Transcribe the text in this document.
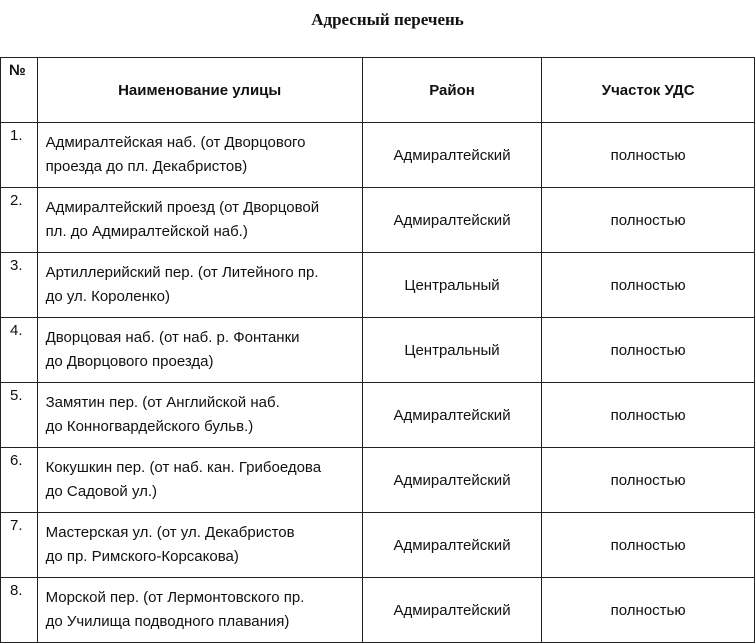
Адресный перечень
№	Наименование улицы	Район	Участок УДС
1.	Адмиралтейская наб. (от Дворцового
проезда до пл. Декабристов)	Адмиралтейский	полностью
2.	Адмиралтейский проезд (от Дворцовой
пл. до Адмиралтейской наб.)	Адмиралтейский	полностью
3.	Артиллерийский пер. (от Литейного пр.
до ул. Короленко)	Центральный	полностью
4.	Дворцовая наб. (от наб. р. Фонтанки
до Дворцового проезда)	Центральный	полностью
5.	Замятин пер. (от Английской наб.
до Конногвардейского бульв.)	Адмиралтейский	полностью
6.	Кокушкин пер. (от наб. кан. Грибоедова
до Садовой ул.)	Адмиралтейский	полностью
7.	Мастерская ул. (от ул. Декабристов
до пр. Римского-Корсакова)	Адмиралтейский	полностью
8.	Морской пер. (от Лермонтовского пр.
до Училища подводного плавания)	Адмиралтейский	полностью
